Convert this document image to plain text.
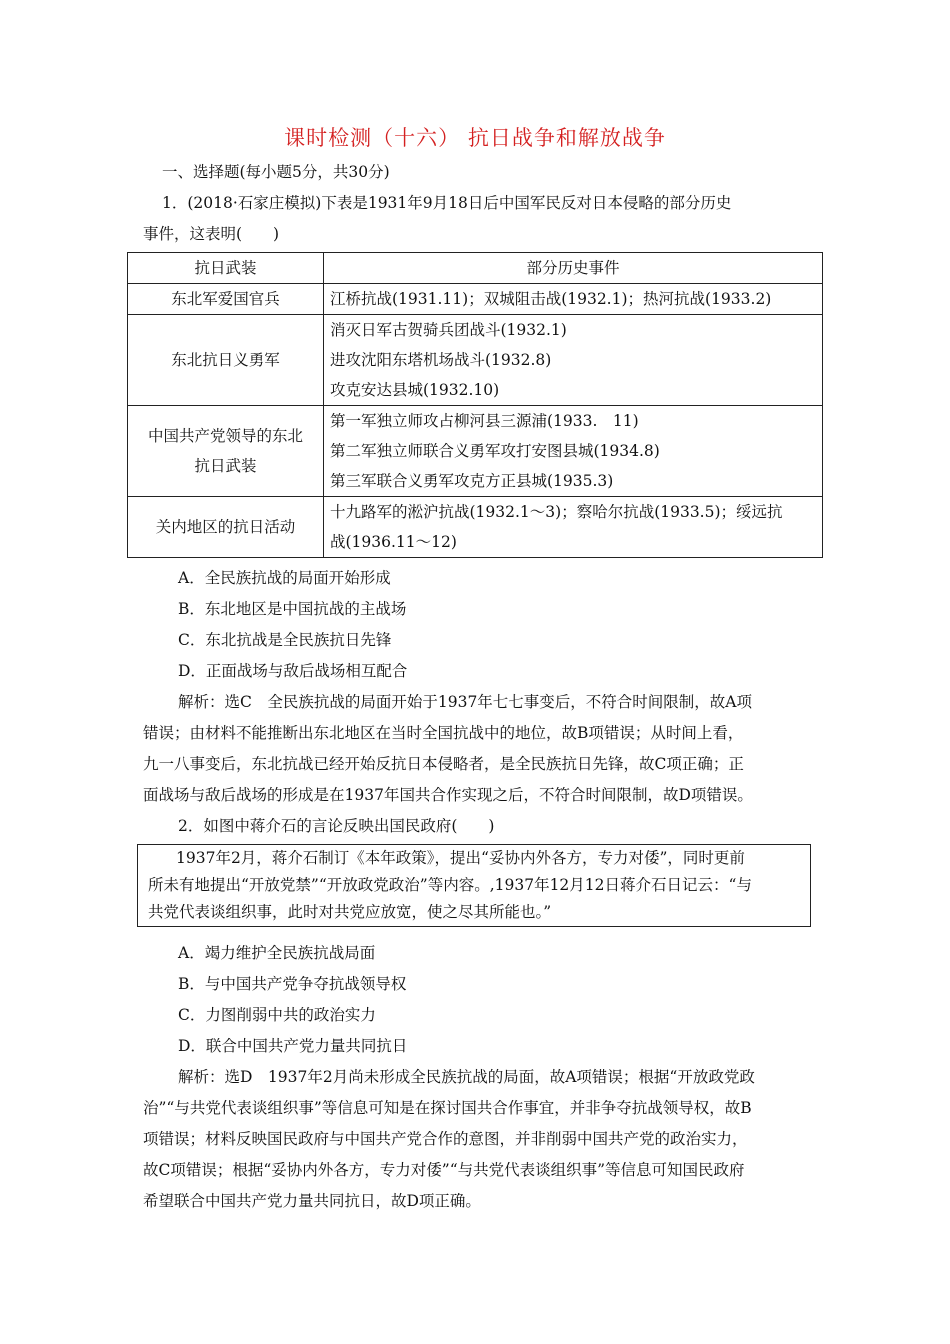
课时检测（十六） 抗日战争和解放战争
一、选择题(每小题5分，共30分)
1．(2018·石家庄模拟)下表是1931年9月18日后中国军民反对日本侵略的部分历史
事件，这表明(　　)
抗日武装	部分历史事件
东北军爱国官兵	江桥抗战(1931.11)；双城阻击战(1932.1)；热河抗战(1933.2)

东北抗日义勇军	消灭日军古贺骑兵团战斗(1932.1)
进攻沈阳东塔机场战斗(1932.8)
攻克安达县城(1932.10)

中国共产党领导的东北
抗日武装	第一军独立师攻占柳河县三源浦(1933.　11)
第二军独立师联合义勇军攻打安图县城(1934.8)
第三军联合义勇军攻克方正县城(1935.3)

关内地区的抗日活动	十九路军的淞沪抗战(1932.1～3)；察哈尔抗战(1933.5)；绥远抗
战(1936.11～12)
A．全民族抗战的局面开始形成
B．东北地区是中国抗战的主战场
C．东北抗战是全民族抗日先锋
D．正面战场与敌后战场相互配合
解析：选C　全民族抗战的局面开始于1937年七七事变后，不符合时间限制，故A项
错误；由材料不能推断出东北地区在当时全国抗战中的地位，故B项错误；从时间上看，
九一八事变后，东北抗战已经开始反抗日本侵略者，是全民族抗日先锋，故C项正确；正
面战场与敌后战场的形成是在1937年国共合作实现之后，不符合时间限制，故D项错误。
2．如图中蒋介石的言论反映出国民政府(　　)
1937年2月，蒋介石制订《本年政策》，提出“妥协内外各方，专力对倭”，同时更前
所未有地提出“开放党禁”“开放政党政治”等内容。,1937年12月12日蒋介石日记云：“与
共党代表谈组织事，此时对共党应放宽，使之尽其所能也。”
A．竭力维护全民族抗战局面
B．与中国共产党争夺抗战领导权
C．力图削弱中共的政治实力
D．联合中国共产党力量共同抗日
解析：选D　1937年2月尚未形成全民族抗战的局面，故A项错误；根据“开放政党政
治”“与共党代表谈组织事”等信息可知是在探讨国共合作事宜，并非争夺抗战领导权，故B
项错误；材料反映国民政府与中国共产党合作的意图，并非削弱中国共产党的政治实力，
故C项错误；根据“妥协内外各方，专力对倭”“与共党代表谈组织事”等信息可知国民政府
希望联合中国共产党力量共同抗日，故D项正确。
